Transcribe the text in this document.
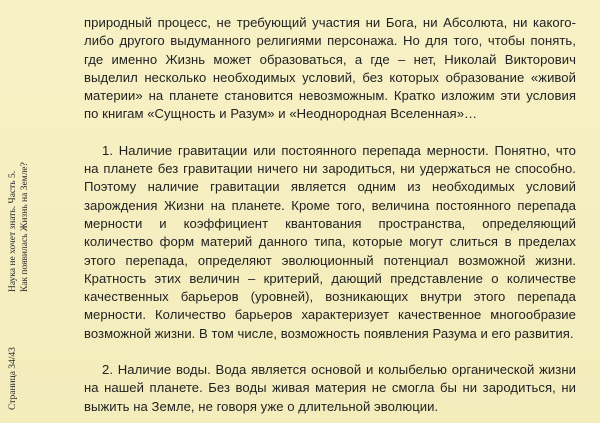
Наука не хочет знать. Часть 5. Как появилась Жизнь на Земле?
Страница 34/43

природный процесс, не требующий участия ни Бога, ни Абсолюта, ни какого-либо другого выдуманного религиями персонажа. Но для того, чтобы понять, где именно Жизнь может образоваться, а где – нет, Николай Викторович выделил несколько необходимых условий, без которых образование «живой материи» на планете становится невозможным. Кратко изложим эти условия по книгам «Сущность и Разум» и «Неоднородная Вселенная»…

1. Наличие гравитации или постоянного перепада мерности. Понятно, что на планете без гравитации ничего ни зародиться, ни удержаться не способно. Поэтому наличие гравитации является одним из необходимых условий зарождения Жизни на планете. Кроме того, величина постоянного перепада мерности и коэффициент квантования пространства, определяющий количество форм материй данного типа, которые могут слиться в пределах этого перепада, определяют эволюционный потенциал возможной жизни. Кратность этих величин – критерий, дающий представление о количестве качественных барьеров (уровней), возникающих внутри этого перепада мерности. Количество барьеров характеризует качественное многообразие возможной жизни. В том числе, возможность появления Разума и его развития.

2. Наличие воды. Вода является основой и колыбелью органической жизни на нашей планете. Без воды живая материя не смогла бы ни зародиться, ни выжить на Земле, не говоря уже о длительной эволюции.
